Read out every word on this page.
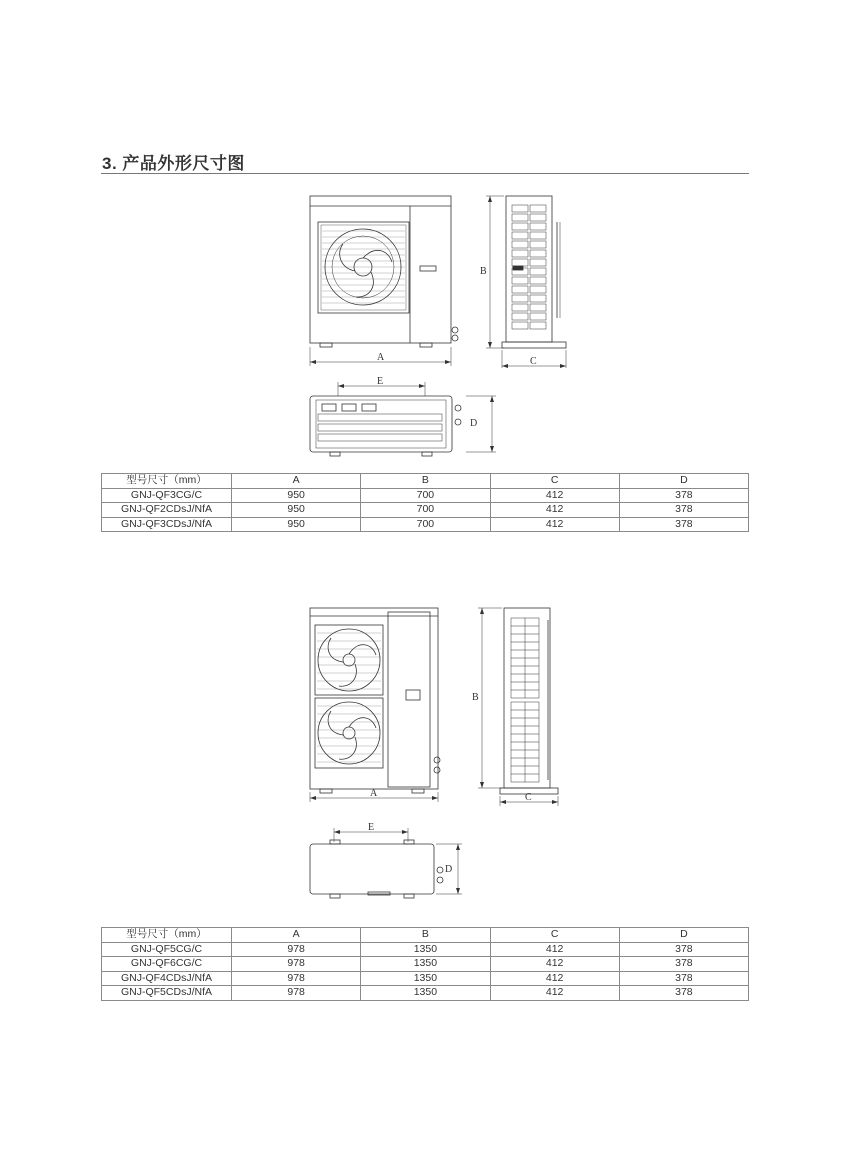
3. 产品外形尺寸图
A
B
C
D
E
A
B
C
D
E
型号尺寸（mm）	A	B	C	D
GNJ-QF3CG/C	950	700	412	378
GNJ-QF2CDsJ/NfA	950	700	412	378
GNJ-QF3CDsJ/NfA	950	700	412	378
型号尺寸（mm）	A	B	C	D
GNJ-QF5CG/C	978	1350	412	378
GNJ-QF6CG/C	978	1350	412	378
GNJ-QF4CDsJ/NfA	978	1350	412	378
GNJ-QF5CDsJ/NfA	978	1350	412	378
